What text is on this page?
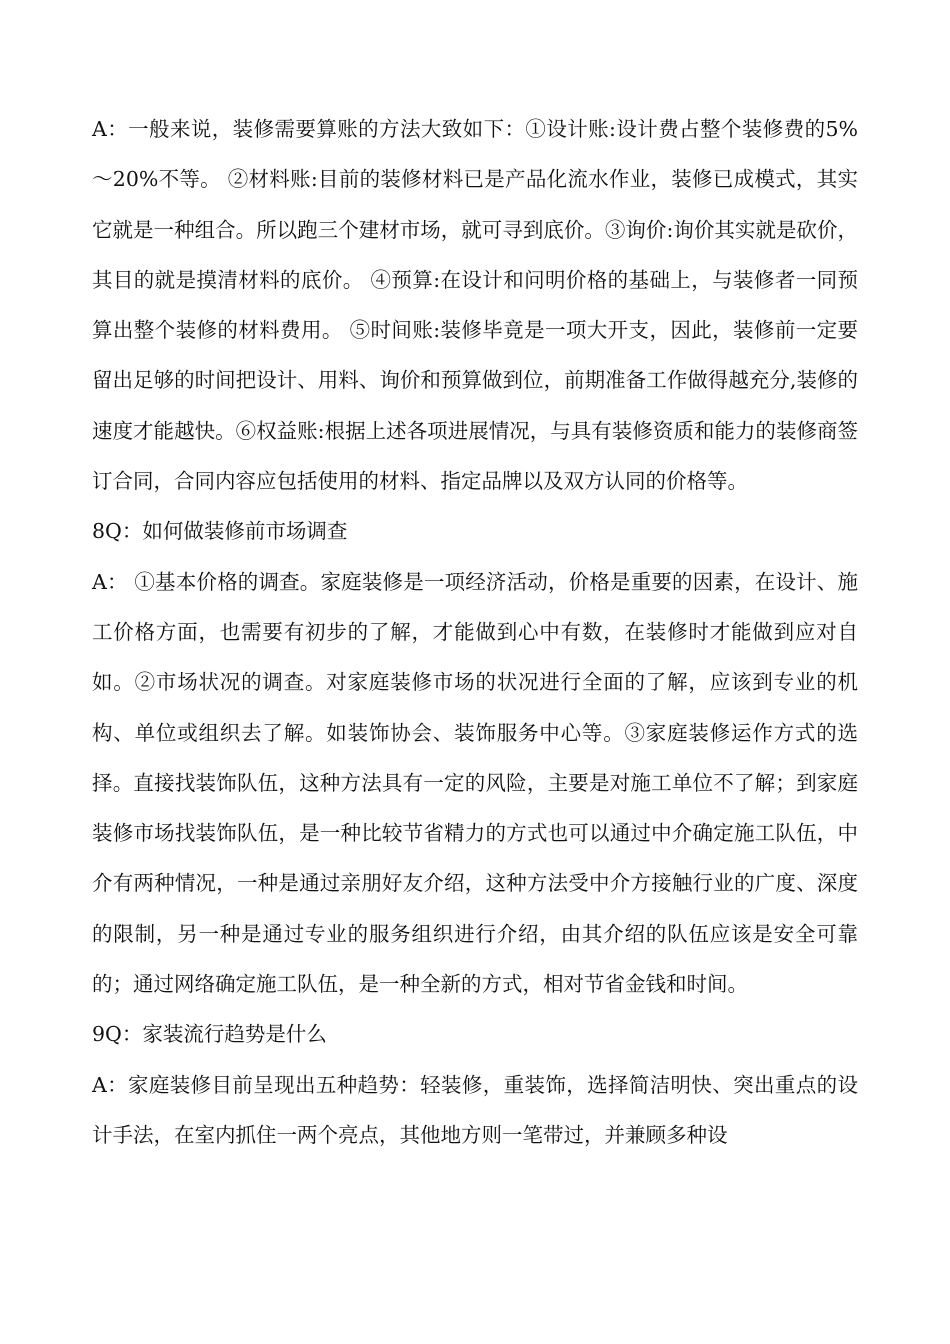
A：一般来说，装修需要算账的方法大致如下：①设计账:设计费占整个装修费的5%～20%不等。 ②材料账:目前的装修材料已是产品化流水作业，装修已成模式，其实它就是一种组合。所以跑三个建材市场，就可寻到底价。③询价:询价其实就是砍价，其目的就是摸清材料的底价。 ④预算:在设计和问明价格的基础上，与装修者一同预算出整个装修的材料费用。 ⑤时间账:装修毕竟是一项大开支，因此，装修前一定要留出足够的时间把设计、用料、询价和预算做到位，前期准备工作做得越充分,装修的速度才能越快。⑥权益账:根据上述各项进展情况，与具有装修资质和能力的装修商签订合同，合同内容应包括使用的材料、指定品牌以及双方认同的价格等。

8Q：如何做装修前市场调查

A： ①基本价格的调查。家庭装修是一项经济活动，价格是重要的因素，在设计、施工价格方面，也需要有初步的了解，才能做到心中有数，在装修时才能做到应对自如。②市场状况的调查。对家庭装修市场的状况进行全面的了解，应该到专业的机构、单位或组织去了解。如装饰协会、装饰服务中心等。③家庭装修运作方式的选择。直接找装饰队伍，这种方法具有一定的风险，主要是对施工单位不了解；到家庭装修市场找装饰队伍，是一种比较节省精力的方式也可以通过中介确定施工队伍，中介有两种情况，一种是通过亲朋好友介绍，这种方法受中介方接触行业的广度、深度的限制，另一种是通过专业的服务组织进行介绍，由其介绍的队伍应该是安全可靠的；通过网络确定施工队伍，是一种全新的方式，相对节省金钱和时间。

9Q：家装流行趋势是什么

A：家庭装修目前呈现出五种趋势：轻装修，重装饰，选择简洁明快、突出重点的设计手法，在室内抓住一两个亮点，其他地方则一笔带过，并兼顾多种设
